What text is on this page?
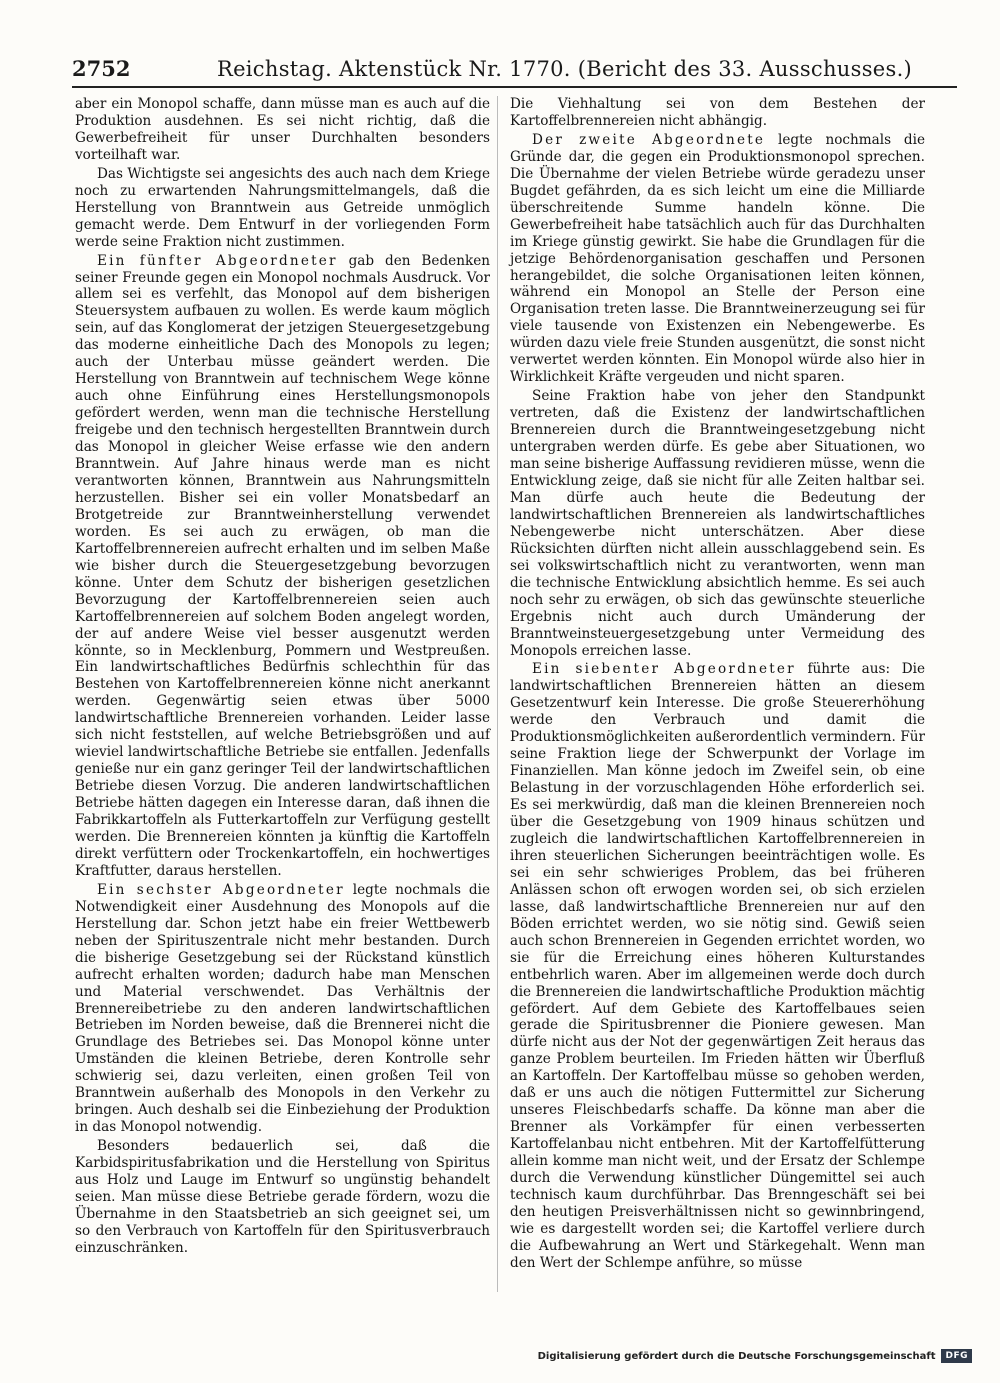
2752	Reichstag. Aktenstück Nr. 1770. (Bericht des 33. Ausschusses.)

aber ein Monopol schaffe, dann müsse man es auch auf die Produktion ausdehnen. Es sei nicht richtig, daß die Gewerbefreiheit für unser Durchhalten besonders vorteilhaft war.

Das Wichtigste sei angesichts des auch nach dem Kriege noch zu erwartenden Nahrungsmittelmangels, daß die Herstellung von Branntwein aus Getreide unmöglich gemacht werde. Dem Entwurf in der vorliegenden Form werde seine Fraktion nicht zustimmen.

Ein fünfter Abgeordneter gab den Bedenken seiner Freunde gegen ein Monopol nochmals Ausdruck. Vor allem sei es verfehlt, das Monopol auf dem bisherigen Steuersystem aufbauen zu wollen. Es werde kaum möglich sein, auf das Konglomerat der jetzigen Steuergesetzgebung das moderne einheitliche Dach des Monopols zu legen; auch der Unterbau müsse geändert werden. Die Herstellung von Branntwein auf technischem Wege könne auch ohne Einführung eines Herstellungsmonopols gefördert werden, wenn man die technische Herstellung freigebe und den technisch hergestellten Branntwein durch das Monopol in gleicher Weise erfasse wie den andern Branntwein. Auf Jahre hinaus werde man es nicht verantworten können, Branntwein aus Nahrungsmitteln herzustellen. Bisher sei ein voller Monatsbedarf an Brotgetreide zur Branntweinherstellung verwendet worden. Es sei auch zu erwägen, ob man die Kartoffelbrennereien aufrecht erhalten und im selben Maße wie bisher durch die Steuergesetzgebung bevorzugen könne. Unter dem Schutz der bisherigen gesetzlichen Bevorzugung der Kartoffelbrennereien seien auch Kartoffelbrennereien auf solchem Boden angelegt worden, der auf andere Weise viel besser ausgenutzt werden könnte, so in Mecklenburg, Pommern und Westpreußen. Ein landwirtschaftliches Bedürfnis schlechthin für das Bestehen von Kartoffelbrennereien könne nicht anerkannt werden. Gegenwärtig seien etwas über 5000 landwirtschaftliche Brennereien vorhanden. Leider lasse sich nicht feststellen, auf welche Betriebsgrößen und auf wieviel landwirtschaftliche Betriebe sie entfallen. Jedenfalls genieße nur ein ganz geringer Teil der landwirtschaftlichen Betriebe diesen Vorzug. Die anderen landwirtschaftlichen Betriebe hätten dagegen ein Interesse daran, daß ihnen die Fabrikkartoffeln als Futterkartoffeln zur Verfügung gestellt werden. Die Brennereien könnten ja künftig die Kartoffeln direkt verfüttern oder Trockenkartoffeln, ein hochwertiges Kraftfutter, daraus herstellen.

Ein sechster Abgeordneter legte nochmals die Notwendigkeit einer Ausdehnung des Monopols auf die Herstellung dar. Schon jetzt habe ein freier Wettbewerb neben der Spirituszentrale nicht mehr bestanden. Durch die bisherige Gesetzgebung sei der Rückstand künstlich aufrecht erhalten worden; dadurch habe man Menschen und Material verschwendet. Das Verhältnis der Brennereibetriebe zu den anderen landwirtschaftlichen Betrieben im Norden beweise, daß die Brennerei nicht die Grundlage des Betriebes sei. Das Monopol könne unter Umständen die kleinen Betriebe, deren Kontrolle sehr schwierig sei, dazu verleiten, einen großen Teil von Branntwein außerhalb des Monopols in den Verkehr zu bringen. Auch deshalb sei die Einbeziehung der Produktion in das Monopol notwendig.

Besonders bedauerlich sei, daß die Karbidspiritusfabrikation und die Herstellung von Spiritus aus Holz und Lauge im Entwurf so ungünstig behandelt seien. Man müsse diese Betriebe gerade fördern, wozu die Übernahme in den Staatsbetrieb an sich geeignet sei, um so den Verbrauch von Kartoffeln für den Spiritusverbrauch einzuschränken.

Die Viehhaltung sei von dem Bestehen der Kartoffelbrennereien nicht abhängig.

Der zweite Abgeordnete legte nochmals die Gründe dar, die gegen ein Produktionsmonopol sprechen. Die Übernahme der vielen Betriebe würde geradezu unser Bugdet gefährden, da es sich leicht um eine die Milliarde überschreitende Summe handeln könne. Die Gewerbefreiheit habe tatsächlich auch für das Durchhalten im Kriege günstig gewirkt. Sie habe die Grundlagen für die jetzige Behördenorganisation geschaffen und Personen herangebildet, die solche Organisationen leiten können, während ein Monopol an Stelle der Person eine Organisation treten lasse. Die Branntweinerzeugung sei für viele tausende von Existenzen ein Nebengewerbe. Es würden dazu viele freie Stunden ausgenützt, die sonst nicht verwertet werden könnten. Ein Monopol würde also hier in Wirklichkeit Kräfte vergeuden und nicht sparen.

Seine Fraktion habe von jeher den Standpunkt vertreten, daß die Existenz der landwirtschaftlichen Brennereien durch die Branntweingesetzgebung nicht untergraben werden dürfe. Es gebe aber Situationen, wo man seine bisherige Auffassung revidieren müsse, wenn die Entwicklung zeige, daß sie nicht für alle Zeiten haltbar sei. Man dürfe auch heute die Bedeutung der landwirtschaftlichen Brennereien als landwirtschaftliches Nebengewerbe nicht unterschätzen. Aber diese Rücksichten dürften nicht allein ausschlaggebend sein. Es sei volkswirtschaftlich nicht zu verantworten, wenn man die technische Entwicklung absichtlich hemme. Es sei auch noch sehr zu erwägen, ob sich das gewünschte steuerliche Ergebnis nicht auch durch Umänderung der Branntweinsteuergesetzgebung unter Vermeidung des Monopols erreichen lasse.

Ein siebenter Abgeordneter führte aus: Die landwirtschaftlichen Brennereien hätten an diesem Gesetzentwurf kein Interesse. Die große Steuererhöhung werde den Verbrauch und damit die Produktionsmöglichkeiten außerordentlich vermindern. Für seine Fraktion liege der Schwerpunkt der Vorlage im Finanziellen. Man könne jedoch im Zweifel sein, ob eine Belastung in der vorzuschlagenden Höhe erforderlich sei. Es sei merkwürdig, daß man die kleinen Brennereien noch über die Gesetzgebung von 1909 hinaus schützen und zugleich die landwirtschaftlichen Kartoffelbrennereien in ihren steuerlichen Sicherungen beeinträchtigen wolle. Es sei ein sehr schwieriges Problem, das bei früheren Anlässen schon oft erwogen worden sei, ob sich erzielen lasse, daß landwirtschaftliche Brennereien nur auf den Böden errichtet werden, wo sie nötig sind. Gewiß seien auch schon Brennereien in Gegenden errichtet worden, wo sie für die Erreichung eines höheren Kulturstandes entbehrlich waren. Aber im allgemeinen werde doch durch die Brennereien die landwirtschaftliche Produktion mächtig gefördert. Auf dem Gebiete des Kartoffelbaues seien gerade die Spiritusbrenner die Pioniere gewesen. Man dürfe nicht aus der Not der gegenwärtigen Zeit heraus das ganze Problem beurteilen. Im Frieden hätten wir Überfluß an Kartoffeln. Der Kartoffelbau müsse so gehoben werden, daß er uns auch die nötigen Futtermittel zur Sicherung unseres Fleischbedarfs schaffe. Da könne man aber die Brenner als Vorkämpfer für einen verbesserten Kartoffelanbau nicht entbehren. Mit der Kartoffelfütterung allein komme man nicht weit, und der Ersatz der Schlempe durch die Verwendung künstlicher Düngemittel sei auch technisch kaum durchführbar. Das Brenngeschäft sei bei den heutigen Preisverhältnissen nicht so gewinnbringend, wie es dargestellt worden sei; die Kartoffel verliere durch die Aufbewahrung an Wert und Stärkegehalt. Wenn man den Wert der Schlempe anführe, so müsse

Digitalisierung gefördert durch die Deutsche Forschungsgemeinschaft	DFG
